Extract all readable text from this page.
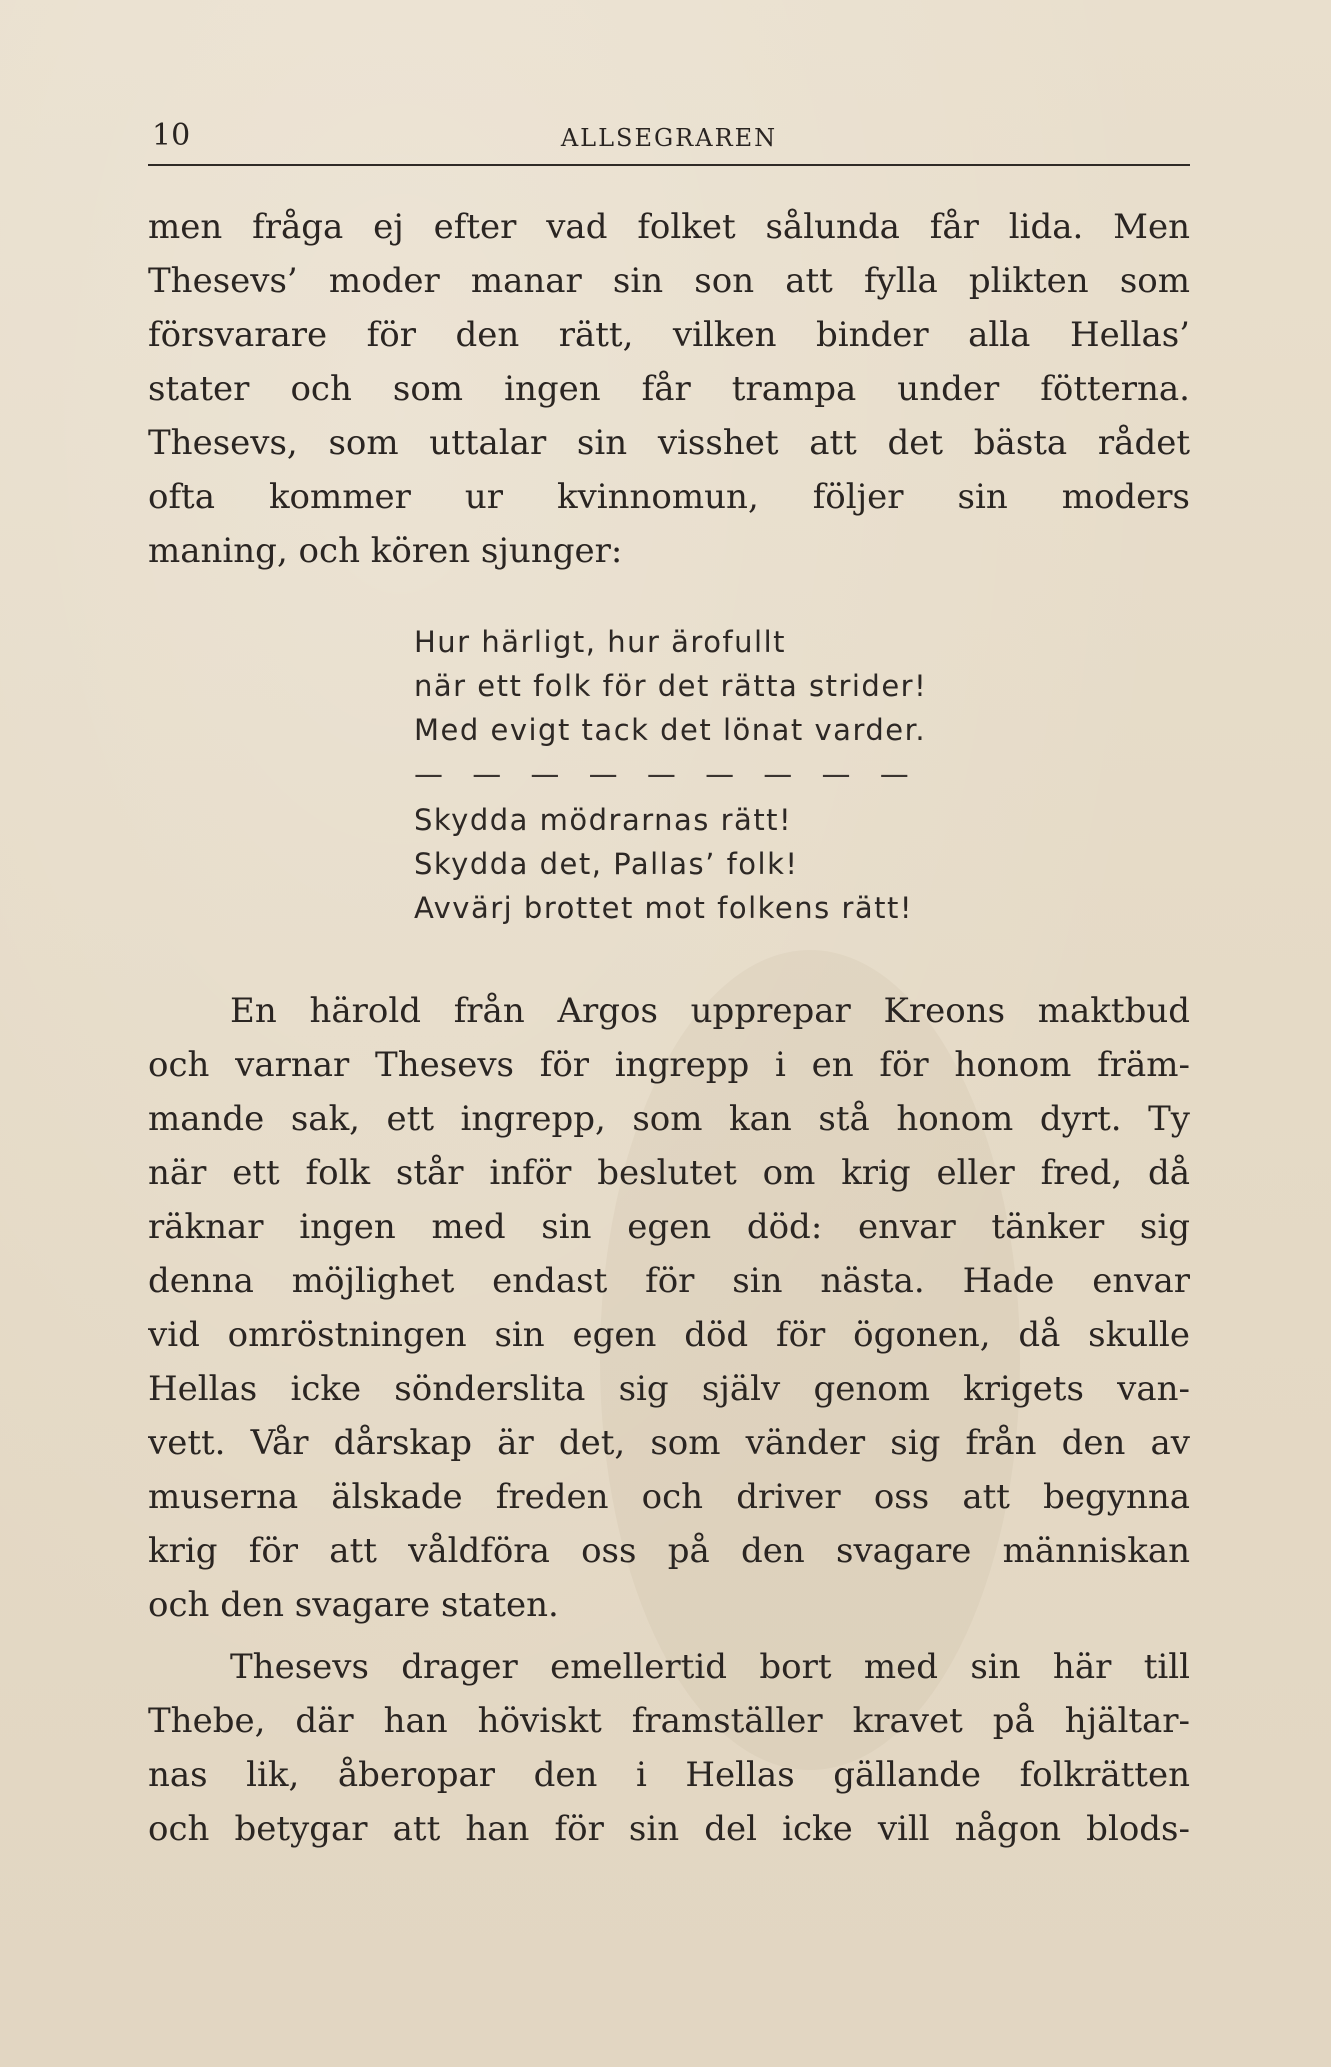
10	ALLSEGRAREN
men fråga ej efter vad folket sålunda får lida. Men
Thesevs’ moder manar sin son att fylla plikten som
försvarare för den rätt, vilken binder alla Hellas’
stater och som ingen får trampa under fötterna.
Thesevs, som uttalar sin visshet att det bästa rådet
ofta kommer ur kvinnomun, följer sin moders
maning, och kören sjunger:
Hur härligt, hur ärofullt
när ett folk för det rätta strider!
Med evigt tack det lönat varder.
— — — — — — — — —
Skydda mödrarnas rätt!
Skydda det, Pallas’ folk!
Avvärj brottet mot folkens rätt!
En härold från Argos upprepar Kreons maktbud
och varnar Thesevs för ingrepp i en för honom främ-
mande sak, ett ingrepp, som kan stå honom dyrt. Ty
när ett folk står inför beslutet om krig eller fred, då
räknar ingen med sin egen död: envar tänker sig
denna möjlighet endast för sin nästa. Hade envar
vid omröstningen sin egen död för ögonen, då skulle
Hellas icke sönderslita sig själv genom krigets van-
vett. Vår dårskap är det, som vänder sig från den av
muserna älskade freden och driver oss att begynna
krig för att våldföra oss på den svagare människan
och den svagare staten.
Thesevs drager emellertid bort med sin här till
Thebe, där han höviskt framställer kravet på hjältar-
nas lik, åberopar den i Hellas gällande folkrätten
och betygar att han för sin del icke vill någon blods-
